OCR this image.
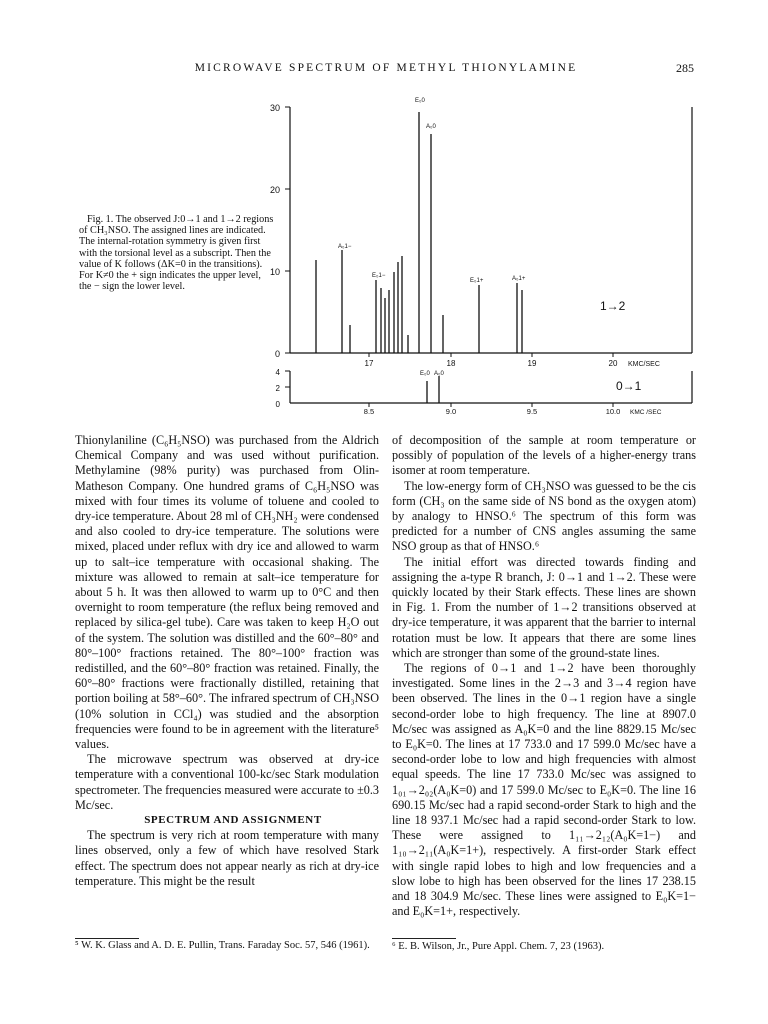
MICROWAVE SPECTRUM OF METHYL THIONYLAMINE	285
Fig. 1. The observed J:0→1 and 1→2 regions of CH₃NSO. The assigned lines are indicated. The internal-rotation symmetry is given first with the torsional level as a subscript. Then the value of K follows (ΔK=0 in the transitions). For K≠0 the + sign indicates the upper level, the − sign the lower level.
30
20
10
0
17	18	19	20 KMC/SEC
E₀0
A₀0
A₀1−
E₀1−
E₀1+	A₀1+
1→2
4
2
0
8.5	9.0	9.5	10.0 KMC /SEC
E₀0 A₀0
0→1

Thionylaniline (C₆H₅NSO) was purchased from the Aldrich Chemical Company and was used without purification. Methylamine (98% purity) was purchased from Olin-Matheson Company. One hundred grams of C₆H₅NSO was mixed with four times its volume of toluene and cooled to dry-ice temperature. About 28 ml of CH₃NH₂ were condensed and also cooled to dry-ice temperature. The solutions were mixed, placed under reflux with dry ice and allowed to warm up to salt–ice temperature with occasional shaking. The mixture was allowed to remain at salt–ice temperature for about 5 h. It was then allowed to warm up to 0°C and then overnight to room temperature (the reflux being removed and replaced by silica-gel tube). Care was taken to keep H₂O out of the system. The solution was distilled and the 60°–80° and 80°–100° fractions retained. The 80°–100° fraction was redistilled, and the 60°–80° fraction was retained. Finally, the 60°–80° fractions were fractionally distilled, retaining that portion boiling at 58°–60°. The infrared spectrum of CH₃NSO (10% solution in CCl₄) was studied and the absorption frequencies were found to be in agreement with the literature⁵ values.

The microwave spectrum was observed at dry-ice temperature with a conventional 100-kc/sec Stark modulation spectrometer. The frequencies measured were accurate to ±0.3 Mc/sec.

SPECTRUM AND ASSIGNMENT

The spectrum is very rich at room temperature with many lines observed, only a few of which have resolved Stark effect. The spectrum does not appear nearly as rich at dry-ice temperature. This might be the result

of decomposition of the sample at room temperature or possibly of population of the levels of a higher-energy trans isomer at room temperature.

The low-energy form of CH₃NSO was guessed to be the cis form (CH₃ on the same side of NS bond as the oxygen atom) by analogy to HNSO.⁶ The spectrum of this form was predicted for a number of CNS angles assuming the same NSO group as that of HNSO.⁶

The initial effort was directed towards finding and assigning the a-type R branch, J: 0→1 and 1→2. These were quickly located by their Stark effects. These lines are shown in Fig. 1. From the number of 1→2 transitions observed at dry-ice temperature, it was apparent that the barrier to internal rotation must be low. It appears that there are some lines which are stronger than some of the ground-state lines.

The regions of 0→1 and 1→2 have been thoroughly investigated. Some lines in the 2→3 and 3→4 region have been observed. The lines in the 0→1 region have a single second-order lobe to high frequency. The line at 8907.0 Mc/sec was assigned as A₀K=0 and the line 8829.15 Mc/sec to E₀K=0. The lines at 17 733.0 and 17 599.0 Mc/sec have a second-order lobe to low and high frequencies with almost equal speeds. The line 17 733.0 Mc/sec was assigned to 1₀₁→2₀₂(A₀K=0) and 17 599.0 Mc/sec to E₀K=0. The line 16 690.15 Mc/sec had a rapid second-order Stark to high and the line 18 937.1 Mc/sec had a rapid second-order Stark to low. These were assigned to 1₁₁→2₁₂(A₀K=1−) and 1₁₀→2₁₁(A₀K=1+), respectively. A first-order Stark effect with single rapid lobes to high and low frequencies and a slow lobe to high has been observed for the lines 17 238.15 and 18 304.9 Mc/sec. These lines were assigned to E₀K=1− and E₀K=1+, respectively.

⁵ W. K. Glass and A. D. E. Pullin, Trans. Faraday Soc. 57, 546 (1961).	⁶ E. B. Wilson, Jr., Pure Appl. Chem. 7, 23 (1963).
